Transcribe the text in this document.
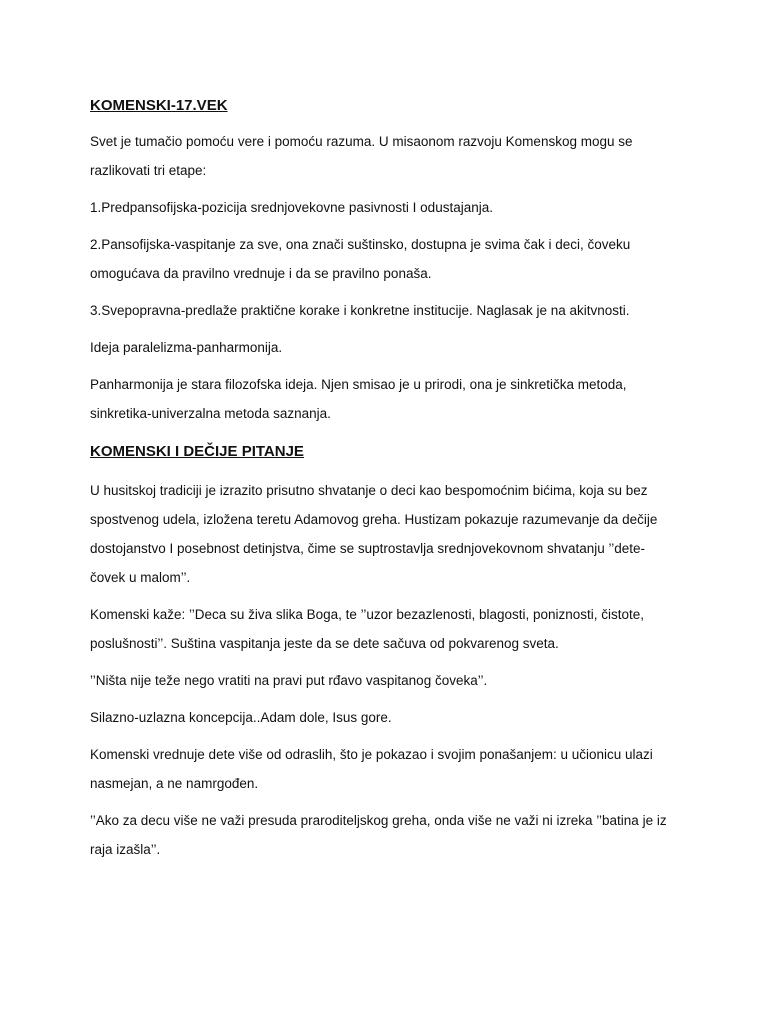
KOMENSKI-17.VEK

Svet je tumačio pomoću vere i pomoću razuma. U misaonom razvoju Komenskog mogu se razlikovati tri etape:

1.Predpansofijska-pozicija srednjovekovne pasivnosti I odustajanja.

2.Pansofijska-vaspitanje za sve, ona znači suštinsko, dostupna je svima čak i deci, čoveku omogućava da pravilno vrednuje i da se pravilno ponaša.

3.Svepopravna-predlaže praktične korake i konkretne institucije. Naglasak je na akitvnosti.

Ideja paralelizma-panharmonija.

Panharmonija je stara filozofska ideja. Njen smisao je u prirodi, ona je sinkretička metoda, sinkretika-univerzalna metoda saznanja.

KOMENSKI I DEČIJE PITANJE

U husitskoj tradiciji je izrazito prisutno shvatanje o deci kao bespomoćnim bićima, koja su bez spostvenog udela, izložena teretu Adamovog greha. Hustizam pokazuje razumevanje da dečije dostojanstvo I posebnost detinjstva, čime se suptrostavlja srednjovekovnom shvatanju ’’dete-čovek u malom’’.

Komenski kaže: ’’Deca su živa slika Boga, te ’’uzor bezazlenosti, blagosti, poniznosti, čistote, poslušnosti’’. Suština vaspitanja jeste da se dete sačuva od pokvarenog sveta.

’’Ništa nije teže nego vratiti na pravi put rđavo vaspitanog čoveka’’.

Silazno-uzlazna koncepcija..Adam dole, Isus gore.

Komenski vrednuje dete više od odraslih, što je pokazao i svojim ponašanjem: u učionicu ulazi nasmejan, a ne namrgođen.

’’Ako za decu više ne važi presuda praroditeljskog greha, onda više ne važi ni izreka ’’batina je iz raja izašla’’.
